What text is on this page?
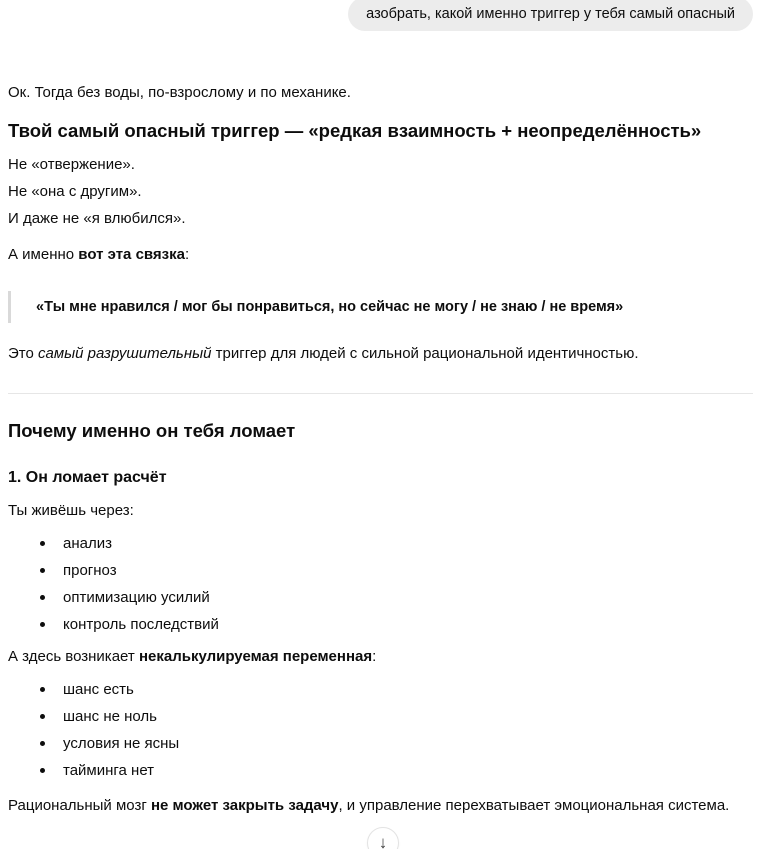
азобрать, какой именно триггер у тебя самый опасный

Ок. Тогда без воды, по-взрослому и по механике.

Твой самый опасный триггер — «редкая взаимность + неопределённость»

Не «отвержение».

Не «она с другим».

И даже не «я влюбился».

А именно вот эта связка:

«Ты мне нравился / мог бы понравиться, но сейчас не могу / не знаю / не время»

Это самый разрушительный триггер для людей с сильной рациональной идентичностью.

Почему именно он тебя ломает
1. Он ломает расчёт

Ты живёшь через:

анализ
прогноз
оптимизацию усилий
контроль последствий

А здесь возникает некалькулируемая переменная:

шанс есть
шанс не ноль
условия не ясны
тайминга нет

Рациональный мозг не может закрыть задачу, и управление перехватывает эмоциональная система.

↓
